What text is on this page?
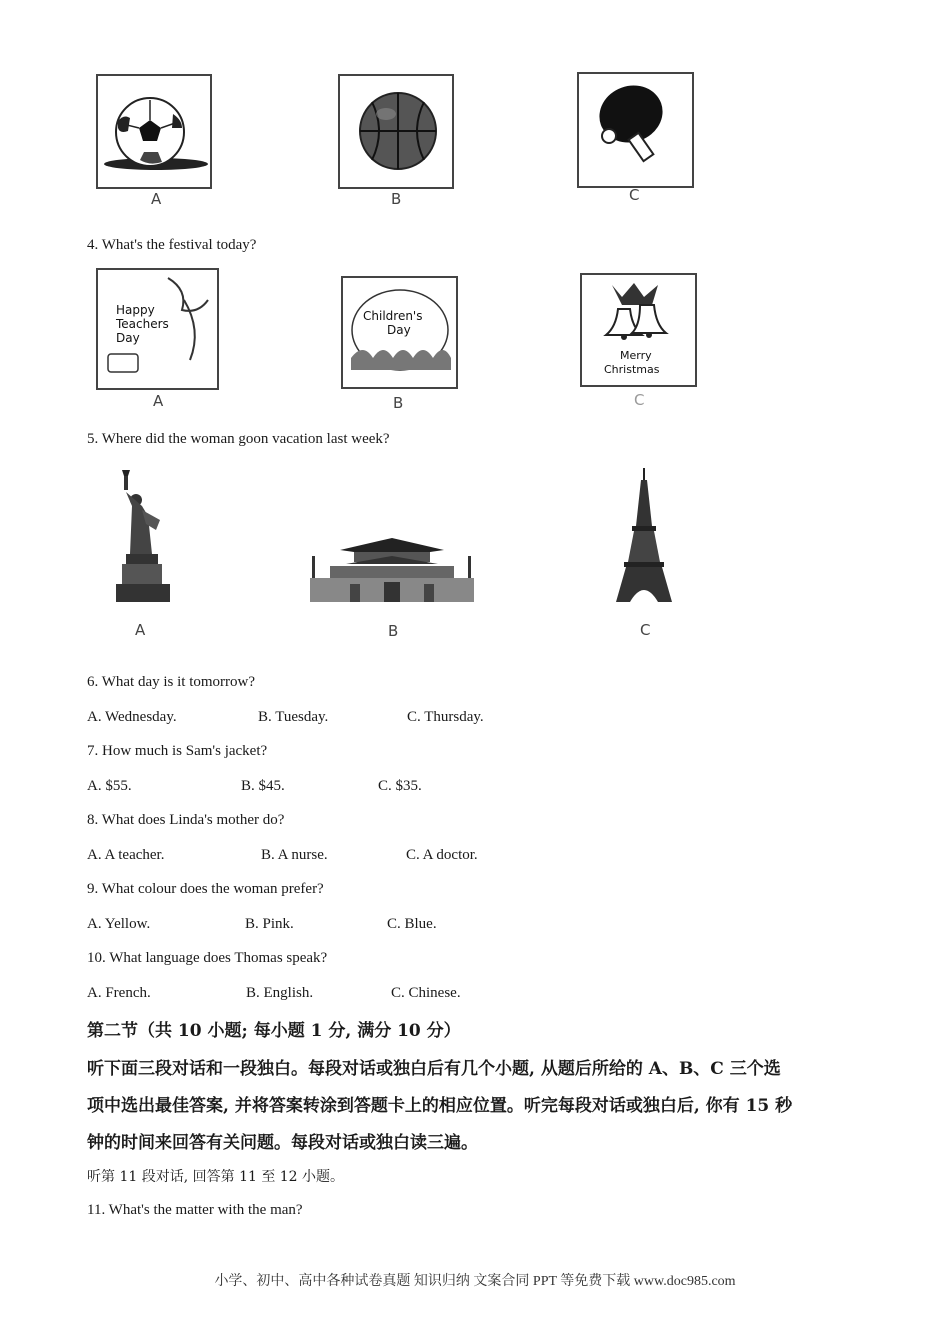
A	B	C
4. What's the festival today?
Happy
Teachers
Day
A
Children's
Day
B
Merry
Christmas
C
5. Where did the woman goon vacation last week?
A	B	C
6. What day is it tomorrow?
A. Wednesday.	B. Tuesday.	C. Thursday.
7. How much is Sam's jacket?
A. $55.	B. $45.	C. $35.
8. What does Linda's mother do?
A. A teacher.	B. A nurse.	C. A doctor.
9. What colour does the woman prefer?
A. Yellow.	B. Pink.	C. Blue.
10. What language does Thomas speak?
A. French.	B. English.	C. Chinese.
第二节（共 10 小题; 每小题 1 分, 满分 10 分）
听下面三段对话和一段独白。每段对话或独白后有几个小题, 从题后所给的 A、B、C 三个选
项中选出最佳答案, 并将答案转涂到答题卡上的相应位置。听完每段对话或独白后, 你有 15 秒
钟的时间来回答有关问题。每段对话或独白读三遍。
听第 11 段对话, 回答第 11 至 12 小题。
11. What's the matter with the man?
小学、初中、高中各种试卷真题 知识归纳 文案合同 PPT 等免费下载 www.doc985.com
